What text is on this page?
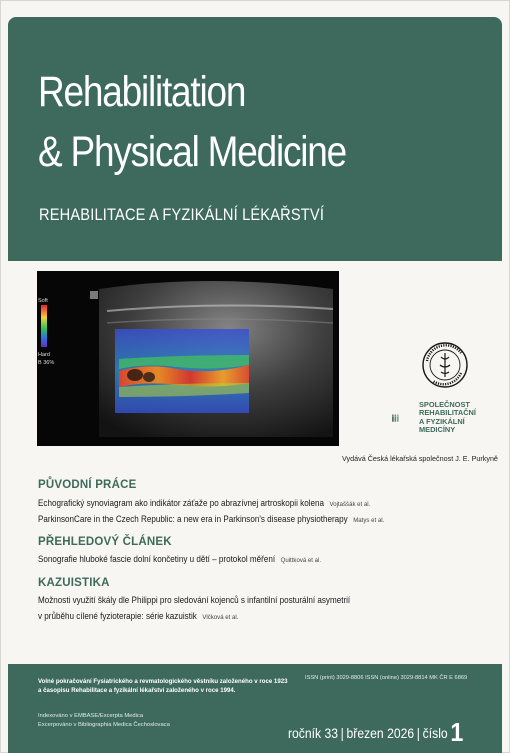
Rehabilitation
& Physical Medicine
REHABILITACE A FYZIKÁLNÍ LÉKAŘSTVÍ
Soft
Hard
B 36%
SPOLEČNOST
REHABILITAČNÍ
A FYZIKÁLNÍ
MEDICÍNY
Vydává Česká lékařská společnost J. E. Purkyně
PŮVODNÍ PRÁCE
Echografický synoviagram ako indikátor záťaže po abrazívnej artroskopii kolena Vojtaššák et al.
ParkinsonCare in the Czech Republic: a new era in Parkinson's disease physiotherapy Matys et al.
PŘEHLEDOVÝ ČLÁNEK
Sonografie hluboké fascie dolní končetiny u dětí – protokol měření Quittková et al.
KAZUISTIKA
Možnosti využití škály dle Philippi pro sledování kojenců s infantilní posturální asymetrií
v průběhu cílené fyzioterapie: série kazuistik Vlčková et al.
Volné pokračování Fysiatrického a revmatologického věstníku založeného v roce 1923
a časopisu Rehabilitace a fyzikální lékařství založeného v roce 1994.
Indexováno v EMBASE/Excerpta Medica
Excerpováno v Bibliographia Medica Čechoslovaca
ISSN (print) 3029-8806 ISSN (online) 3029-8814 MK ČR E 6869
ročník 33 | březen 2026 | číslo 1
